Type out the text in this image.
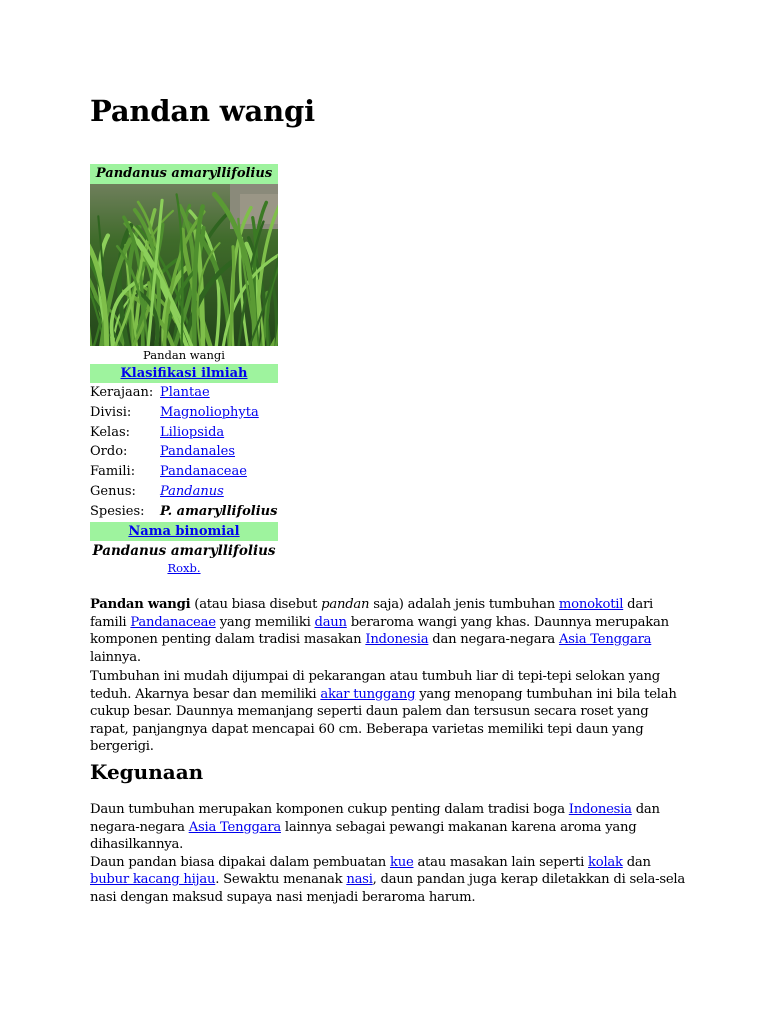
Pandan wangi
Pandanus amaryllifolius
Pandan wangi
Klasifikasi ilmiah
Kerajaan: Plantae
Divisi:	Magnoliophyta
Kelas:	Liliopsida
Ordo:	Pandanales
Famili:	Pandanaceae
Genus:	Pandanus
Spesies:	P. amaryllifolius
Nama binomial
Pandanus amaryllifolius
Roxb.

Pandan wangi (atau biasa disebut pandan saja) adalah jenis tumbuhan monokotil dari famili Pandanaceae yang memiliki daun beraroma wangi yang khas. Daunnya merupakan komponen penting dalam tradisi masakan Indonesia dan negara-negara Asia Tenggara lainnya.

Tumbuhan ini mudah dijumpai di pekarangan atau tumbuh liar di tepi-tepi selokan yang teduh. Akarnya besar dan memiliki akar tunggang yang menopang tumbuhan ini bila telah cukup besar. Daunnya memanjang seperti daun palem dan tersusun secara roset yang rapat, panjangnya dapat mencapai 60 cm. Beberapa varietas memiliki tepi daun yang bergerigi.

Kegunaan

Daun tumbuhan merupakan komponen cukup penting dalam tradisi boga Indonesia dan negara-negara Asia Tenggara lainnya sebagai pewangi makanan karena aroma yang dihasilkannya.
Daun pandan biasa dipakai dalam pembuatan kue atau masakan lain seperti kolak dan bubur kacang hijau. Sewaktu menanak nasi, daun pandan juga kerap diletakkan di sela-sela nasi dengan maksud supaya nasi menjadi beraroma harum.
